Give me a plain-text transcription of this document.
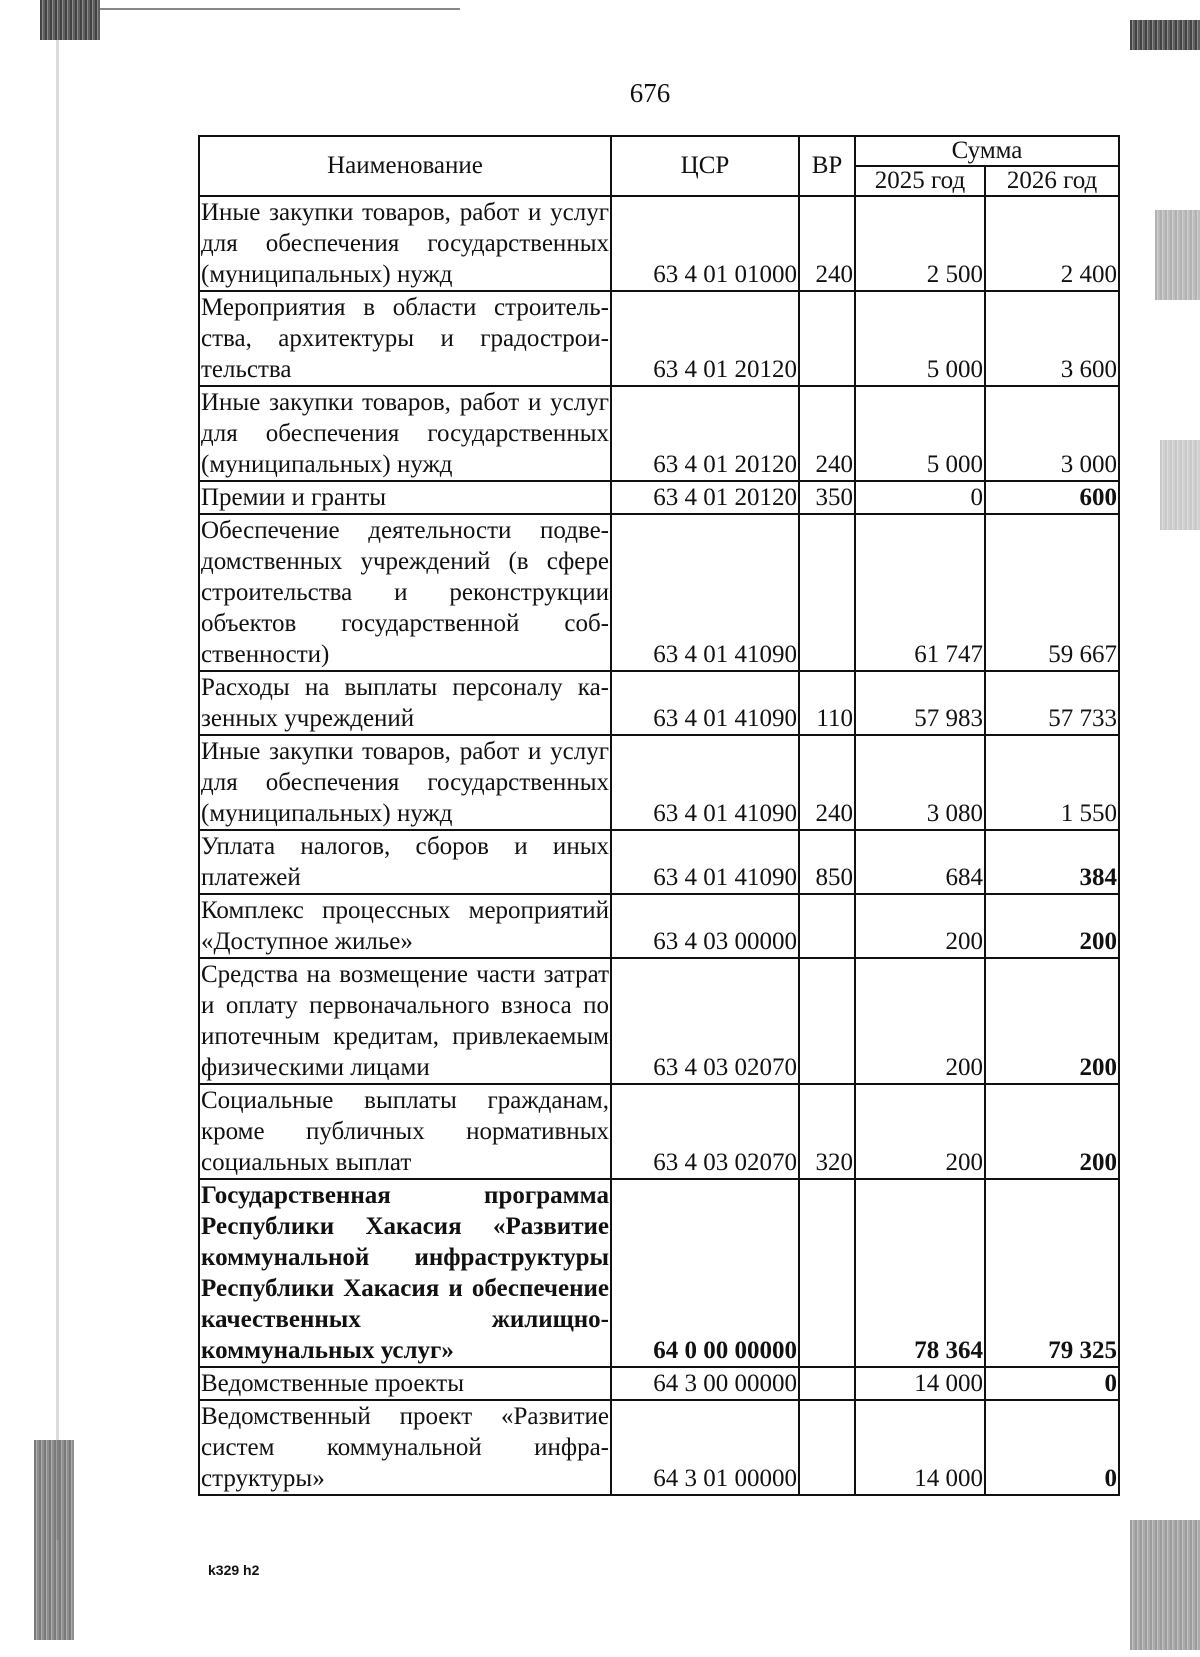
676
Наименование	ЦСР	ВР	Сумма	
			2025 год	2026 год
Иные закупки товаров, работ и услуг для обеспечения государственных (муниципальных) нужд	63 4 01 01000	240	2 500	2 400
Мероприятия в области строительства, архитектуры и градостроительства	63 4 01 20120		5 000	3 600
Иные закупки товаров, работ и услуг для обеспечения государственных (муниципальных) нужд	63 4 01 20120	240	5 000	3 000
Премии и гранты	63 4 01 20120	350	0	600
Обеспечение деятельности подведомственных учреждений (в сфере строительства и реконструкции объектов государственной собственности)	63 4 01 41090		61 747	59 667
Расходы на выплаты персоналу казенных учреждений	63 4 01 41090	110	57 983	57 733
Иные закупки товаров, работ и услуг для обеспечения государственных (муниципальных) нужд	63 4 01 41090	240	3 080	1 550
Уплата налогов, сборов и иных платежей	63 4 01 41090	850	684	384
Комплекс процессных мероприятий «Доступное жилье»	63 4 03 00000		200	200
Средства на возмещение части затрат и оплату первоначального взноса по ипотечным кредитам, привлекаемым физическими лицами	63 4 03 02070		200	200
Социальные выплаты гражданам, кроме публичных нормативных социальных выплат	63 4 03 02070	320	200	200
Государственная программа Республики Хакасия «Развитие коммунальной инфраструктуры Республики Хакасия и обеспечение качественных жилищно-коммунальных услуг»	64 0 00 00000		78 364	79 325
Ведомственные проекты	64 3 00 00000		14 000	0
Ведомственный проект «Развитие систем коммунальной инфраструктуры»	64 3 01 00000		14 000	0
k329 h2
